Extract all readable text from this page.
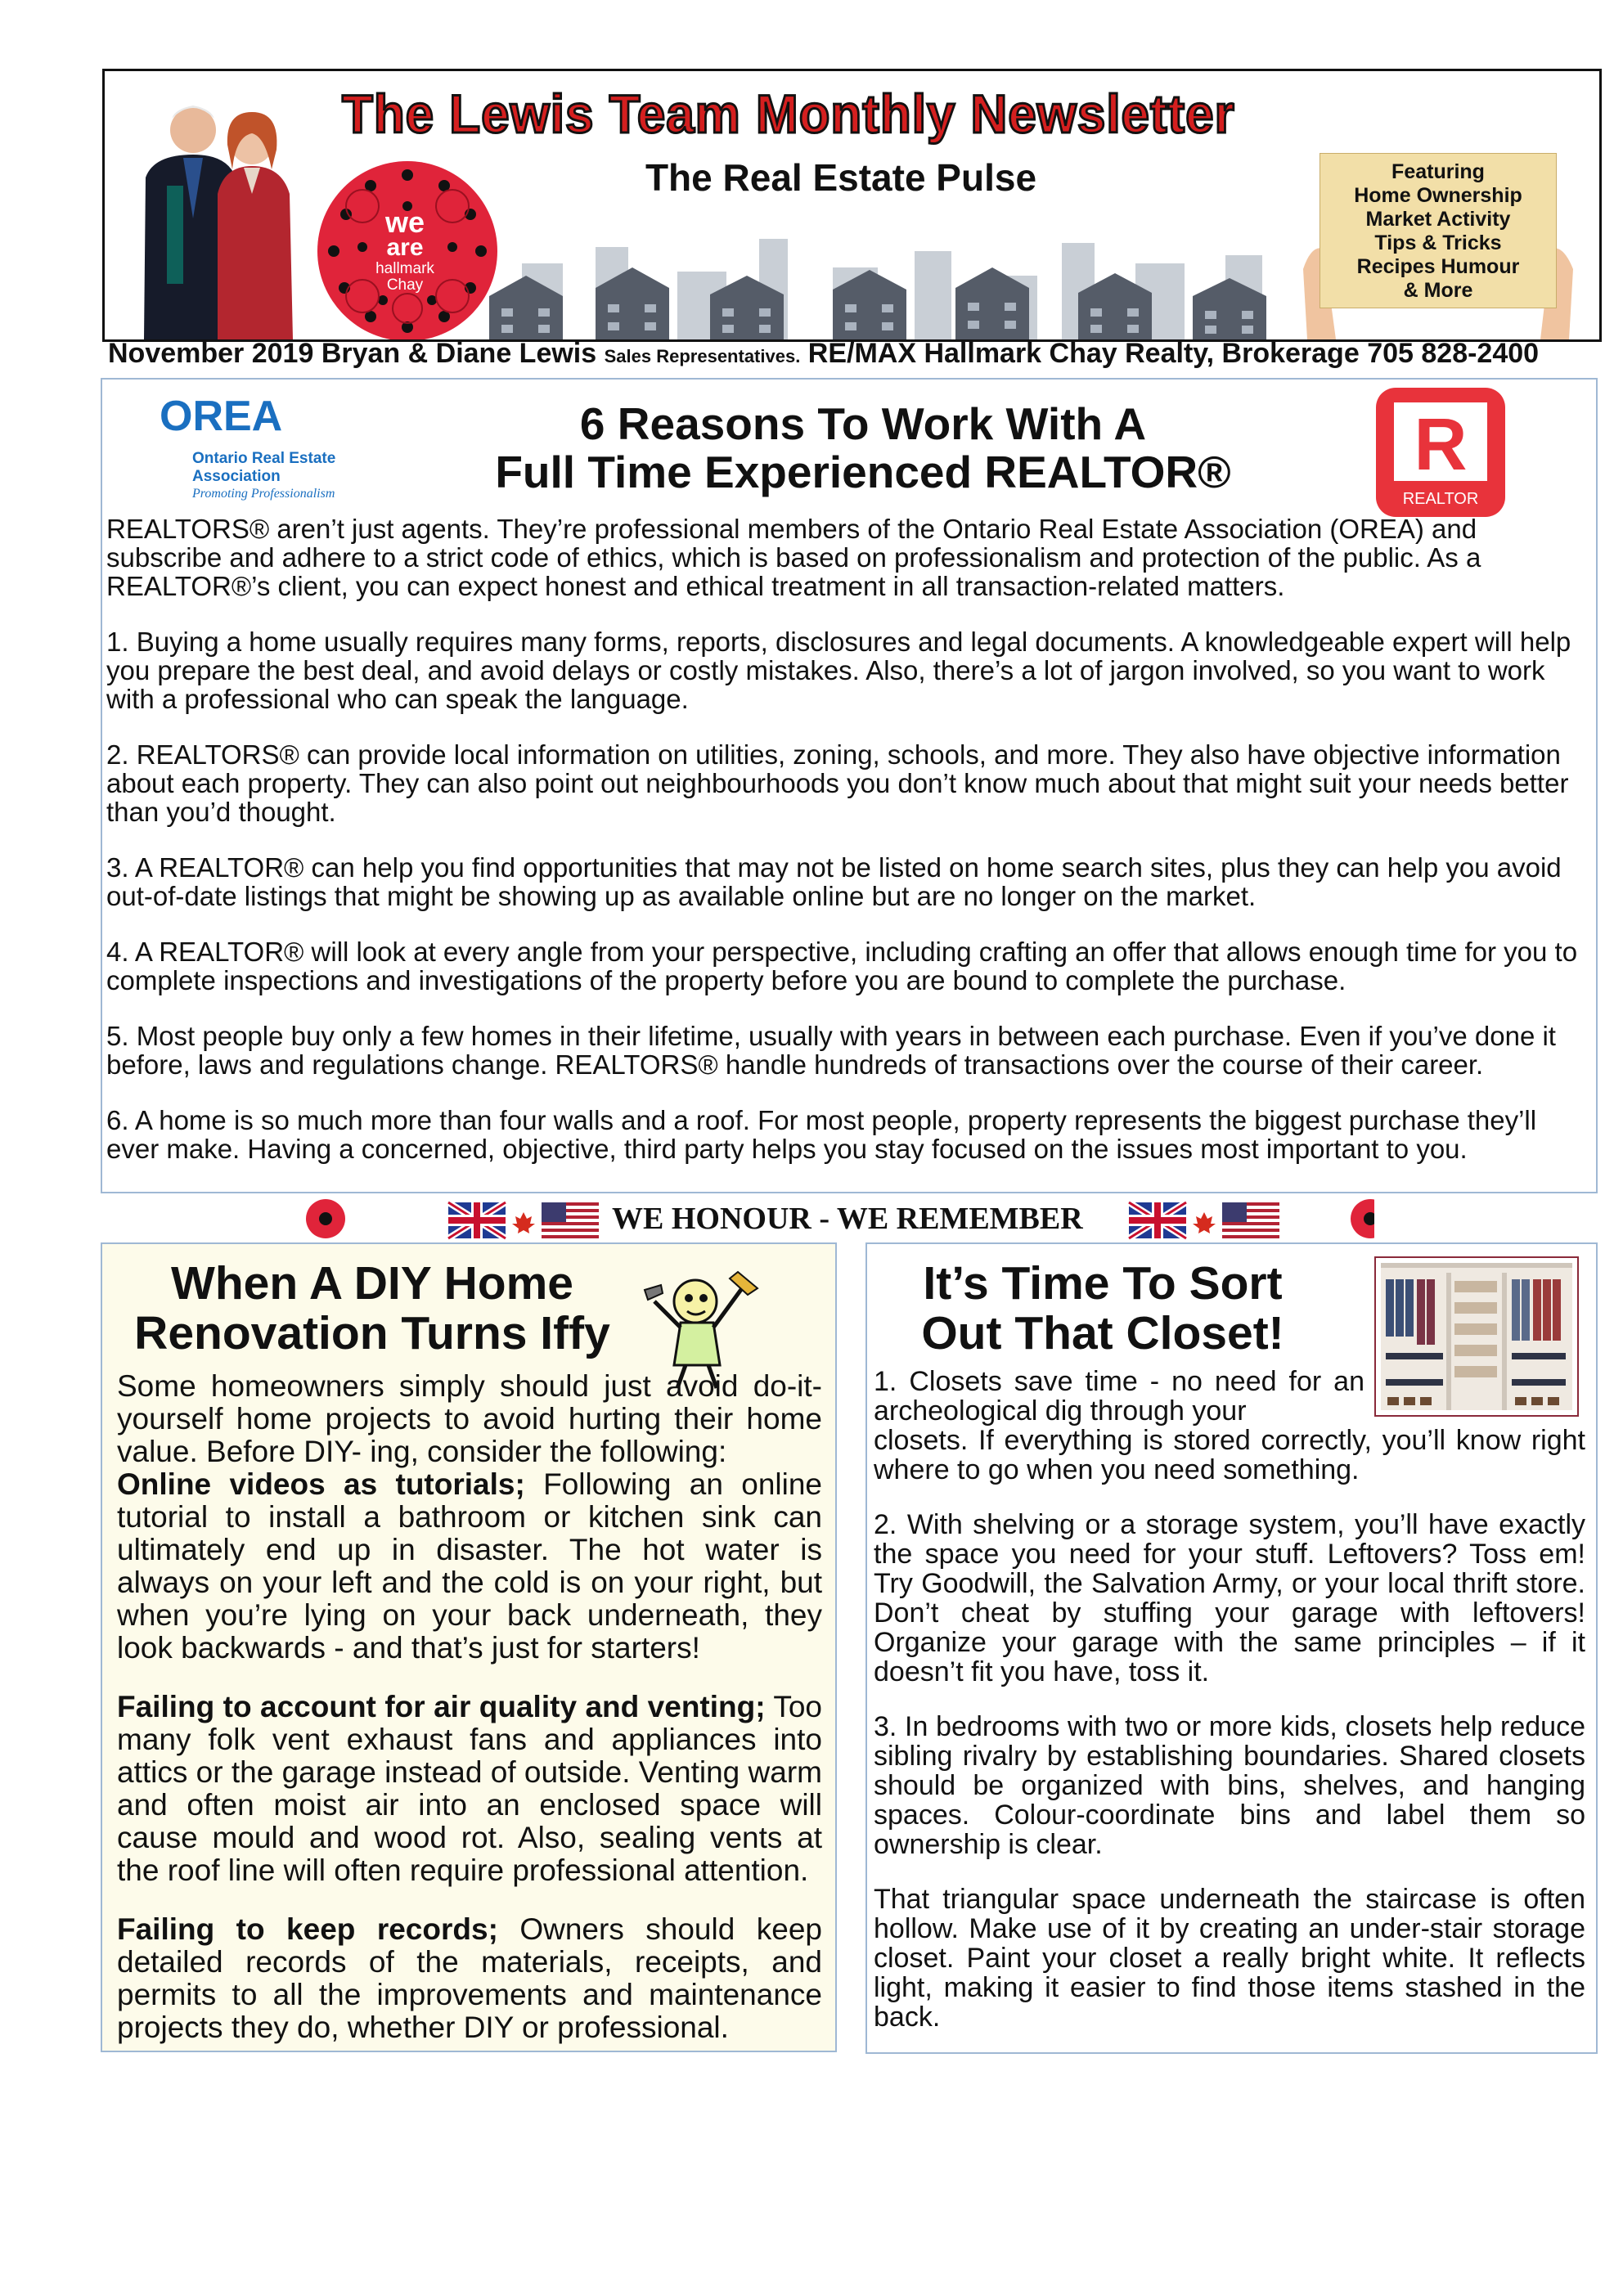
we
are
hallmark
Chay
Featuring
Home Ownership
Market Activity
Tips & Tricks
Recipes Humour
& More
The Lewis Team Monthly Newsletter
The Real Estate Pulse
November 2019 Bryan & Diane Lewis Sales Representatives. RE/MAX Hallmark Chay Realty, Brokerage 705 828-2400
OREA
Ontario Real Estate
Association
Promoting Professionalism
6 Reasons To Work With A
Full Time Experienced REALTOR®	R
REALTOR

REALTORS® aren’t just agents. They’re professional members of the Ontario Real Estate Association (OREA) and subscribe and adhere to a strict code of ethics, which is based on professionalism and protection of the public. As a REALTOR®’s client, you can expect honest and ethical treatment in all transaction-related matters.

1. Buying a home usually requires many forms, reports, disclosures and legal documents. A knowledgeable expert will help you prepare the best deal, and avoid delays or costly mistakes. Also, there’s a lot of jargon involved, so you want to work with a professional who can speak the language.

2. REALTORS® can provide local information on utilities, zoning, schools, and more. They also have objective information about each property. They can also point out neighbourhoods you don’t know much about that might suit your needs better than you’d thought.

3. A REALTOR® can help you find opportunities that may not be listed on home search sites, plus they can help you avoid out-of-date listings that might be showing up as available online but are no longer on the market.

4. A REALTOR® will look at every angle from your perspective, including crafting an offer that allows enough time for you to complete inspections and investigations of the property before you are bound to complete the purchase.

5. Most people buy only a few homes in their lifetime, usually with years in between each purchase. Even if you’ve done it before, laws and regulations change. REALTORS® handle hundreds of transactions over the course of their career.

6. A home is so much more than four walls and a roof. For most people, property represents the biggest purchase they’ll ever make. Having a concerned, objective, third party helps you stay focused on the issues most important to you.

WE HONOUR - WE REMEMBER
When A DIY Home
Renovation Turns Iffy

Some homeowners simply should just avoid do-it-yourself home projects to avoid hurting their home value. Before DIY- ing, consider the following:

Online videos as tutorials; Following an online tutorial to install a bathroom or kitchen sink can ultimately end up in disaster. The hot water is always on your left and the cold is on your right, but when you’re lying on your back underneath, they look backwards - and that’s just for starters!

Failing to account for air quality and venting; Too many folk vent exhaust fans and appliances into attics or the garage instead of outside. Venting warm and often moist air into an enclosed space will cause mould and wood rot. Also, sealing vents at the roof line will often require professional attention.

Failing to keep records; Owners should keep detailed records of the materials, receipts, and permits to all the improvements and maintenance projects they do, whether DIY or professional.

It’s Time To Sort
Out That Closet!

1. Closets save time - no need for an archeological dig through your

closets. If everything is stored correctly, you’ll know right where to go when you need something.

2. With shelving or a storage system, you’ll have exactly the space you need for your stuff. Leftovers? Toss em! Try Goodwill, the Salvation Army, or your local thrift store. Don’t cheat by stuffing your garage with leftovers! Organize your garage with the same principles – if it doesn’t fit you have, toss it.

3. In bedrooms with two or more kids, closets help reduce sibling rivalry by establishing boundaries. Shared closets should be organized with bins, shelves, and hanging spaces. Colour-coordinate bins and label them so ownership is clear.

That triangular space underneath the staircase is often hollow. Make use of it by creating an under-stair storage closet. Paint your closet a really bright white. It reflects light, making it easier to find those items stashed in the back.
